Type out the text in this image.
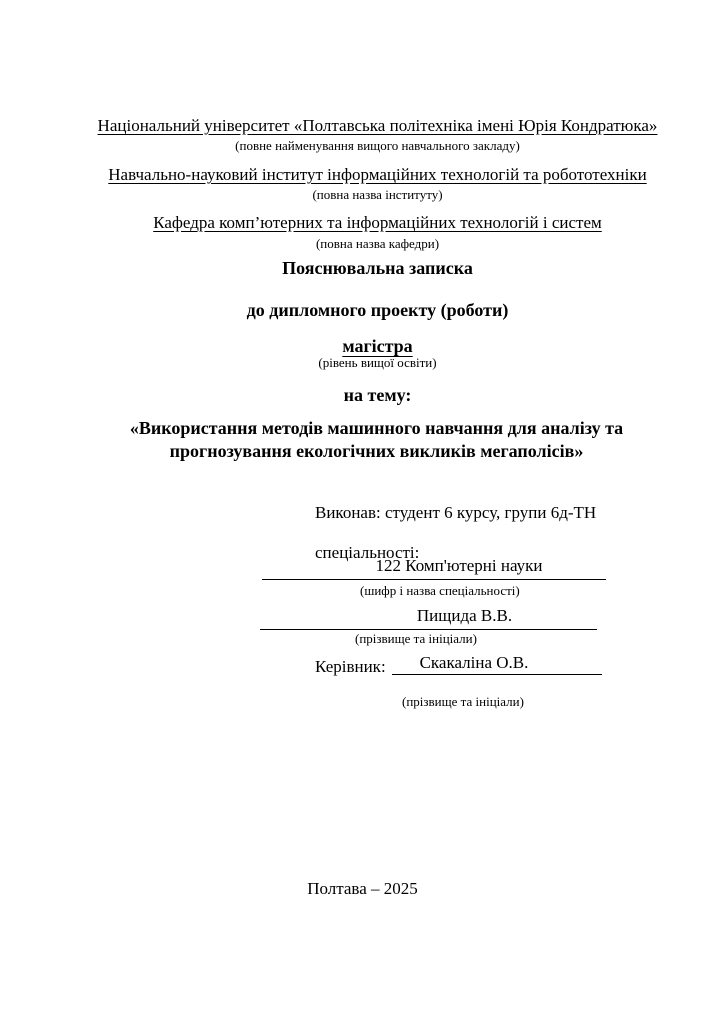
Національний університет «Полтавська політехніка імені Юрія Кондратюка»
(повне найменування вищого навчального закладу)
Навчально-науковий інститут інформаційних технологій та робототехніки
(повна назва інституту)
Кафедра комп’ютерних та інформаційних технологій і систем
(повна назва кафедри)
Пояснювальна записка
до дипломного проекту (роботи)
магістра
(рівень вищої освіти)
на тему:
«Використання методів машинного навчання для аналізу та прогнозування екологічних викликів мегаполісів»
Виконав: студент 6 курсу, групи 6д-ТН
спеціальності:
122 Комп'ютерні науки
(шифр і назва спеціальності)
Пищида В.В.
(прізвище та ініціали)
Керівник:	Скакаліна О.В.
(прізвище та ініціали)
Полтава – 2025
